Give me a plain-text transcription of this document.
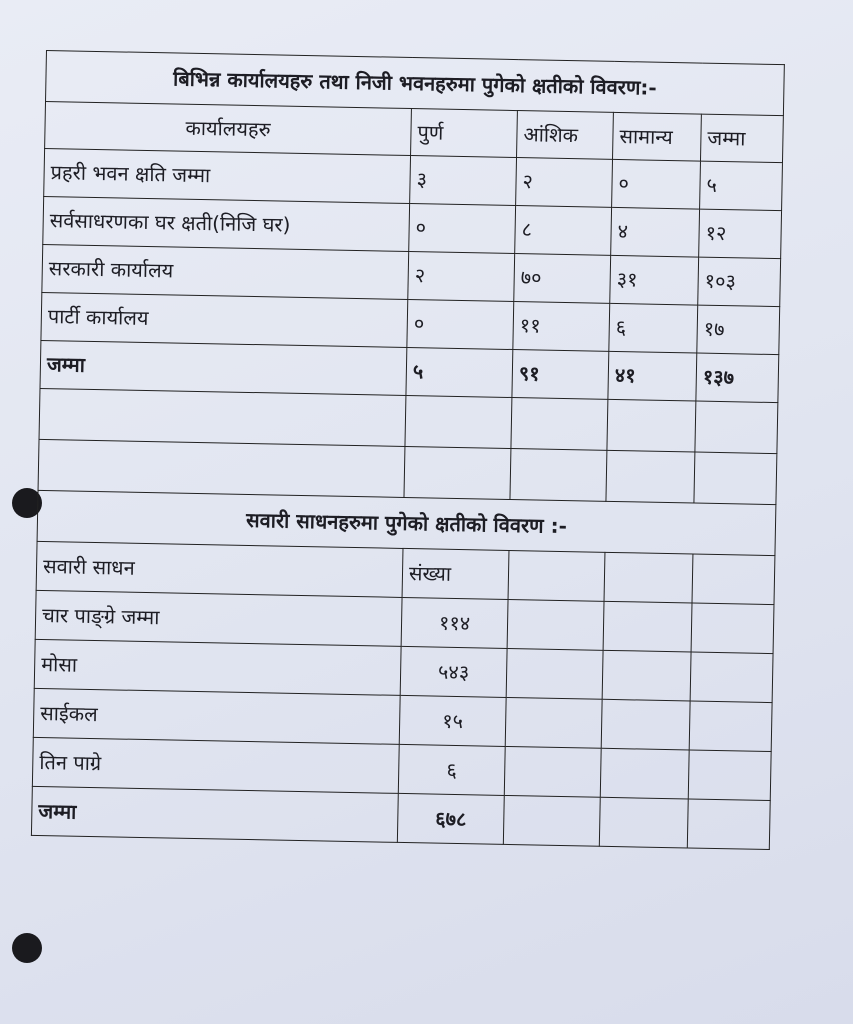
बिभिन्न कार्यालयहरु तथा निजी भवनहरुमा पुगेको क्षतीको विवरण:-				
कार्यालयहरु	पुर्ण	आंशिक	सामान्य	जम्मा
प्रहरी भवन क्षति जम्मा	३	२	०	५
सर्वसाधरणका घर क्षती(निजि घर)	०	८	४	१२
सरकारी कार्यालय	२	७०	३१	१०३
पार्टी कार्यालय	०	११	६	१७
जम्मा	५	९१	४१	१३७

सवारी साधनहरुमा पुगेको क्षतीको विवरण :-				
सवारी साधन	संख्या			
चार पाङ्ग्रे जम्मा	११४			
मोसा	५४३			
साईकल	१५			
तिन पाग्रे	६			
जम्मा	६७८			
